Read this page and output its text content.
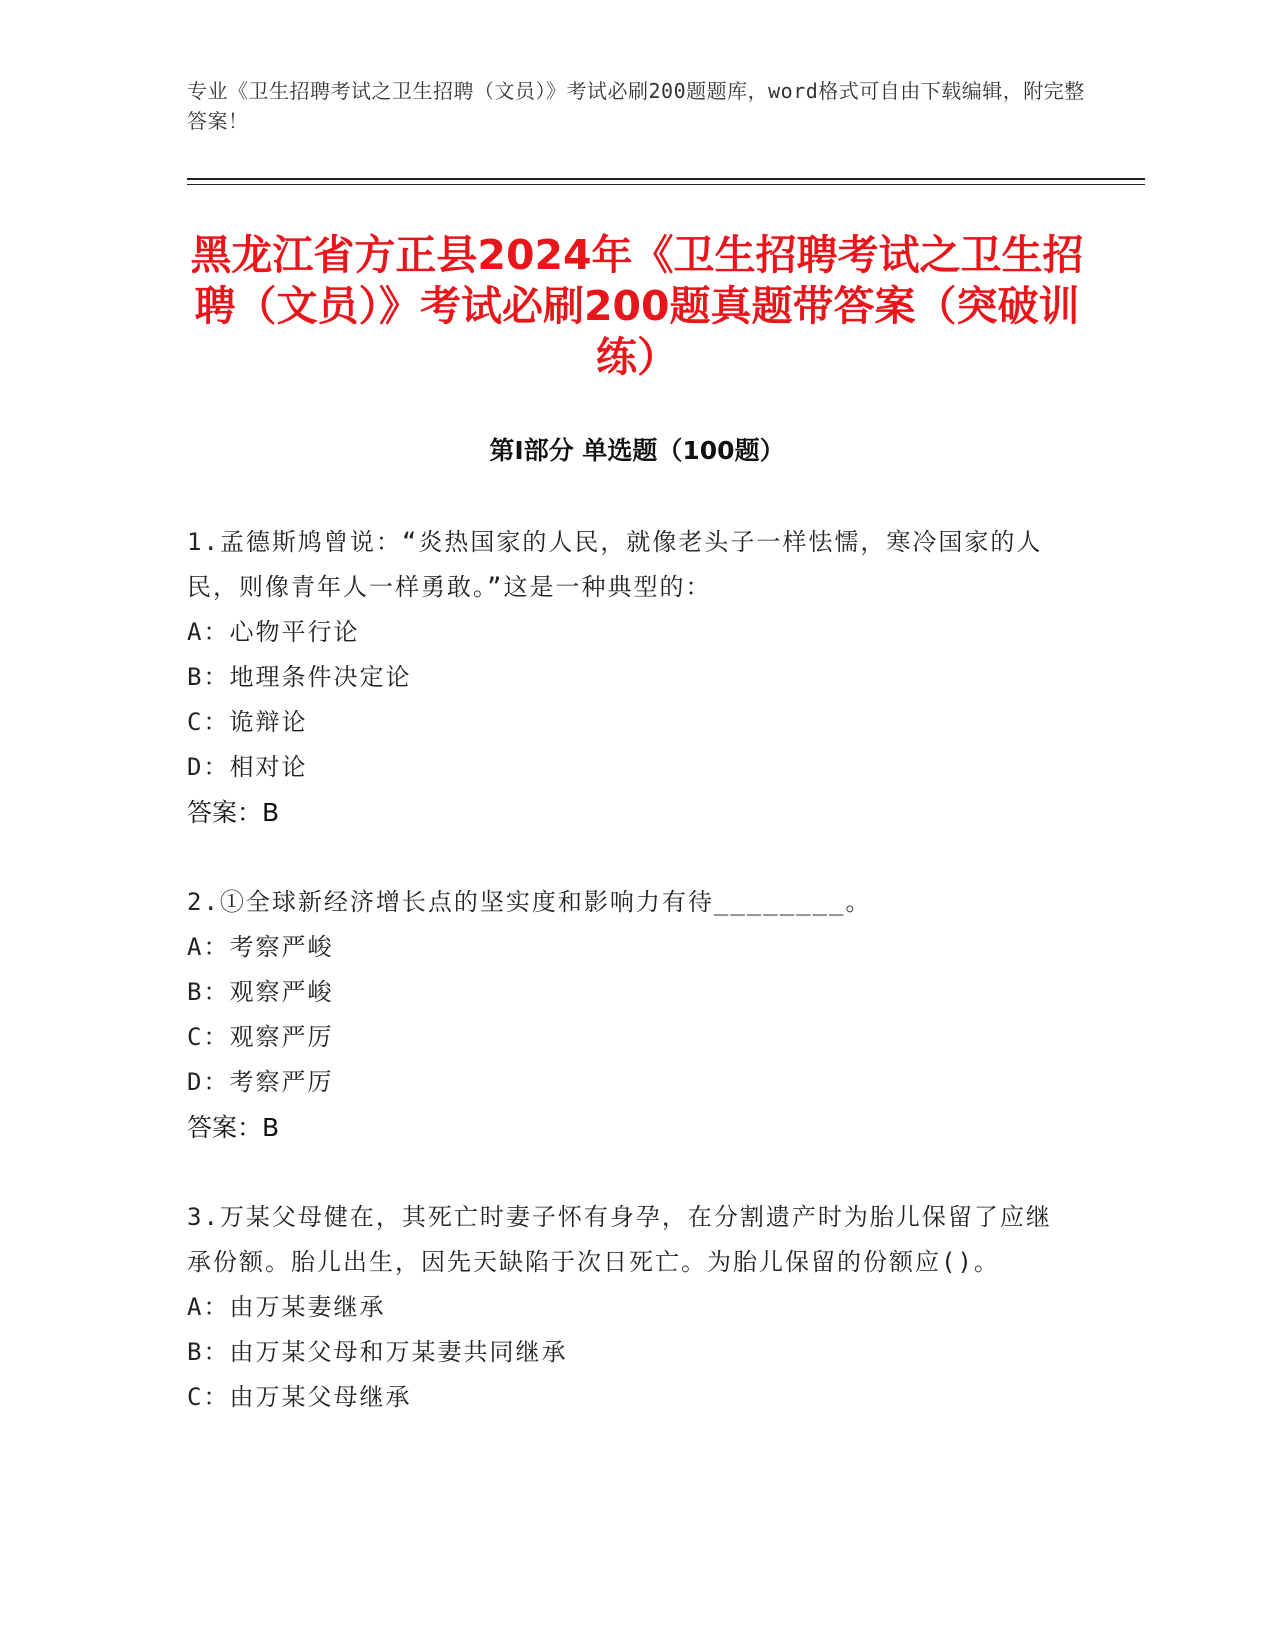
专业《卫生招聘考试之卫生招聘（文员）》考试必刷200题题库，word格式可自由下载编辑，附完整答案！
黑龙江省方正县2024年《卫生招聘考试之卫生招聘（文员）》考试必刷200题真题带答案（突破训练）
第Ⅰ部分 单选题（100题）
1.孟德斯鸠曾说：“炎热国家的人民，就像老头子一样怯懦，寒冷国家的人民，则像青年人一样勇敢。”这是一种典型的：
A：心物平行论
B：地理条件决定论
C：诡辩论
D：相对论
答案：B
2.①全球新经济增长点的坚实度和影响力有待________。
A：考察严峻
B：观察严峻
C：观察严厉
D：考察严厉
答案：B
3.万某父母健在，其死亡时妻子怀有身孕，在分割遗产时为胎儿保留了应继承份额。胎儿出生，因先天缺陷于次日死亡。为胎儿保留的份额应()。
A：由万某妻继承
B：由万某父母和万某妻共同继承
C：由万某父母继承
